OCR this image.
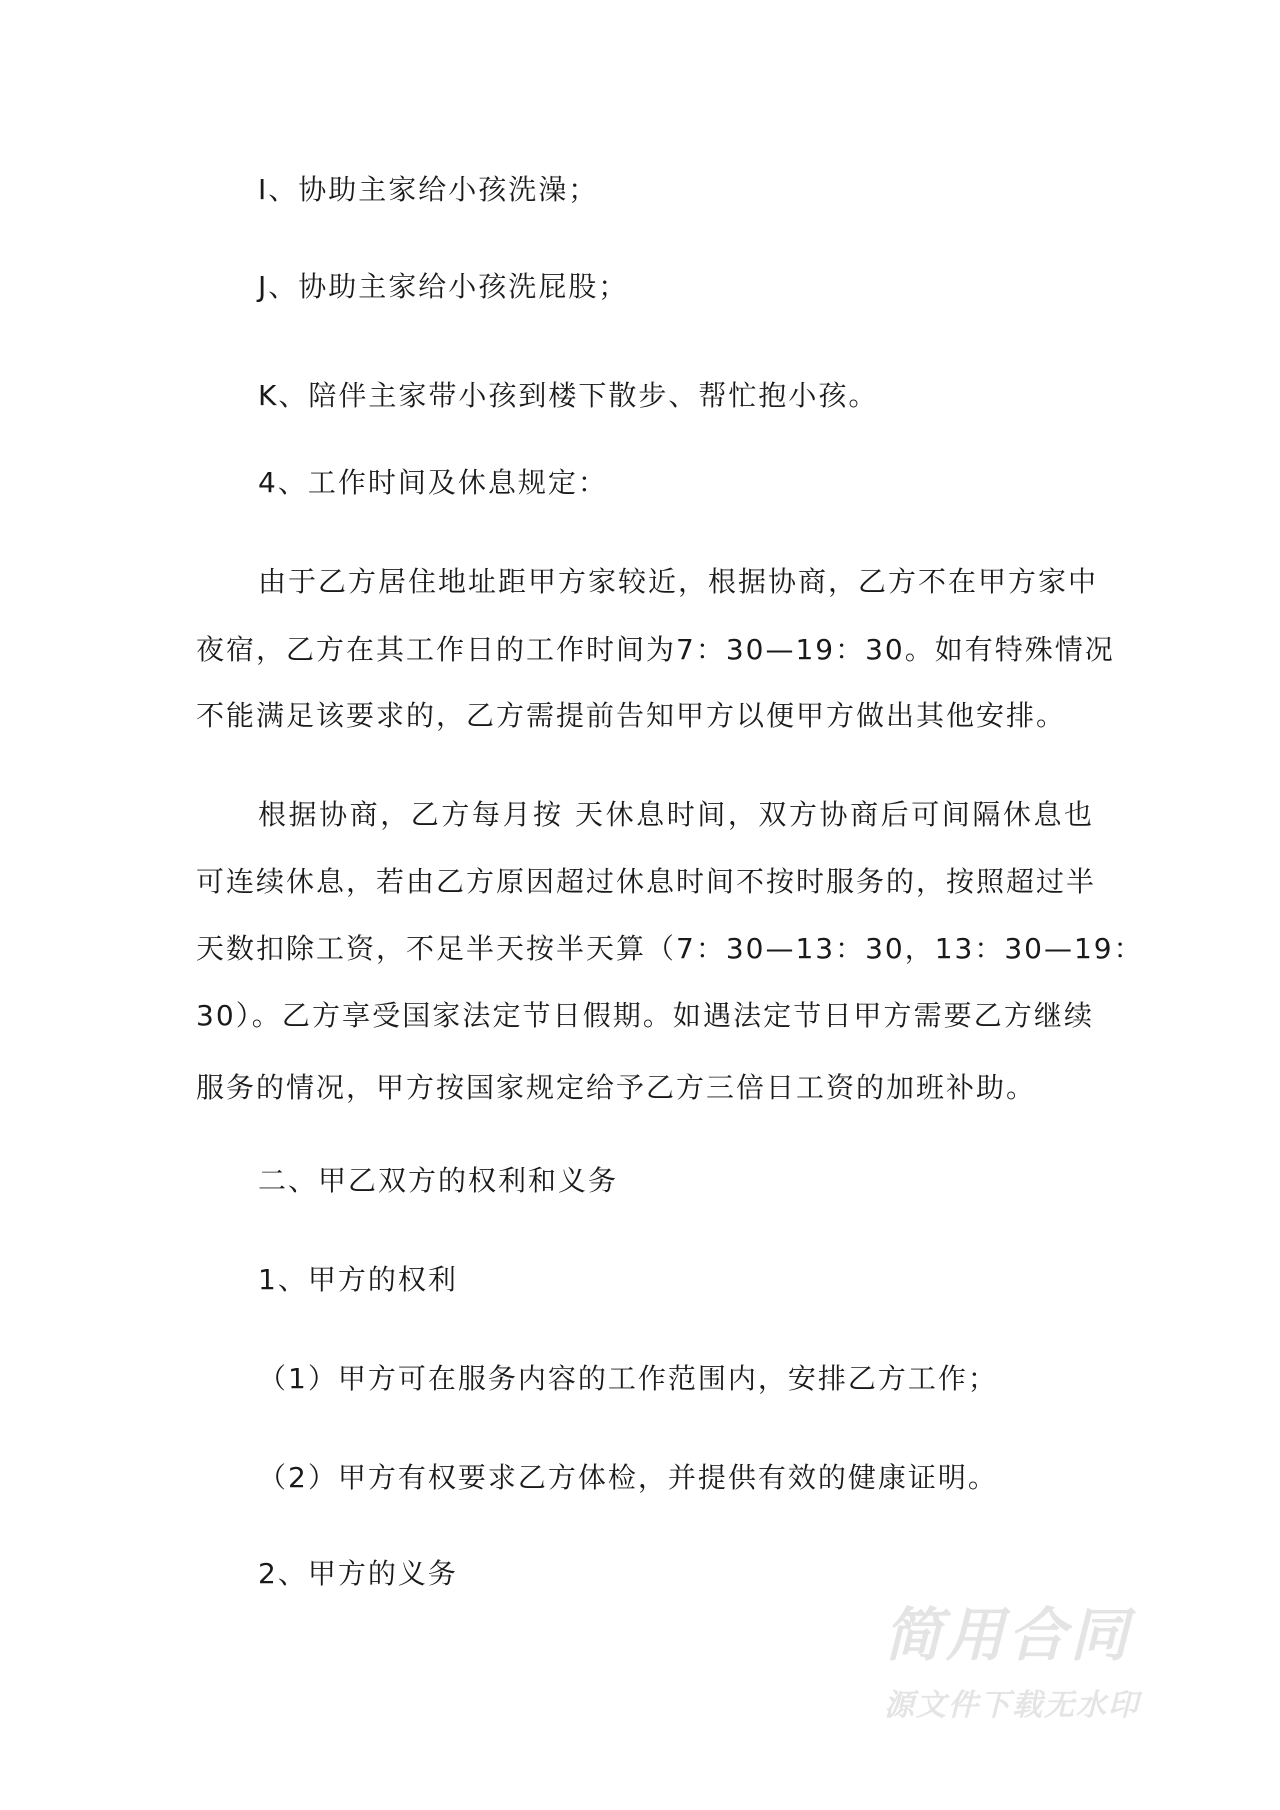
I、协助主家给小孩洗澡；
J、协助主家给小孩洗屁股；
K、陪伴主家带小孩到楼下散步、帮忙抱小孩。
4、工作时间及休息规定：
由于乙方居住地址距甲方家较近，根据协商，乙方不在甲方家中
夜宿，乙方在其工作日的工作时间为7：30—19：30。如有特殊情况
不能满足该要求的，乙方需提前告知甲方以便甲方做出其他安排。
根据协商，乙方每月按 天休息时间，双方协商后可间隔休息也
可连续休息，若由乙方原因超过休息时间不按时服务的，按照超过半
天数扣除工资，不足半天按半天算（7：30—13：30，13：30—19：
30）。乙方享受国家法定节日假期。如遇法定节日甲方需要乙方继续
服务的情况，甲方按国家规定给予乙方三倍日工资的加班补助。
二、甲乙双方的权利和义务
1、甲方的权利
（1）甲方可在服务内容的工作范围内，安排乙方工作；
（2）甲方有权要求乙方体检，并提供有效的健康证明。
2、甲方的义务
简用合同
源文件下载无水印
